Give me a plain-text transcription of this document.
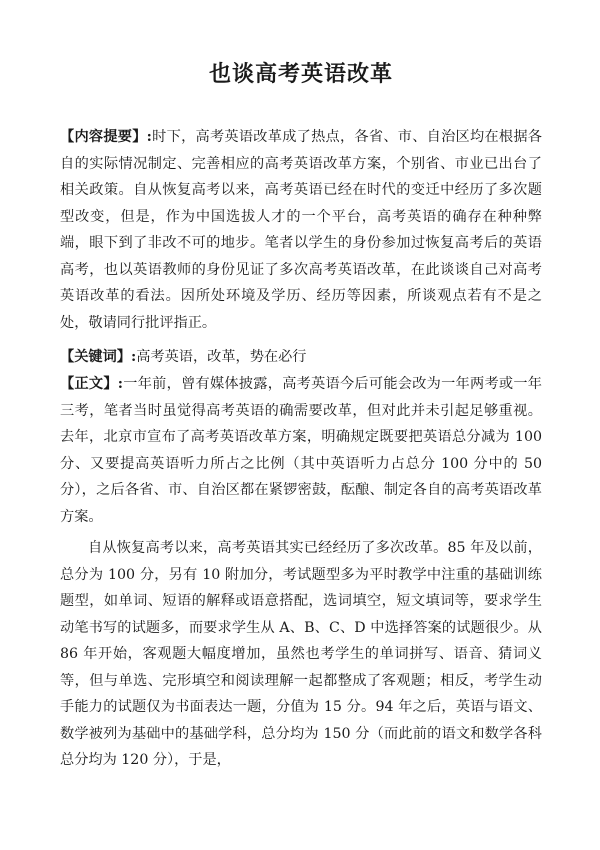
也谈高考英语改革

【内容提要】:时下，高考英语改革成了热点，各省、市、自治区均在根据各自的实际情况制定、完善相应的高考英语改革方案，个别省、市业已出台了相关政策。自从恢复高考以来，高考英语已经在时代的变迁中经历了多次题型改变，但是，作为中国选拔人才的一个平台，高考英语的确存在种种弊端，眼下到了非改不可的地步。笔者以学生的身份参加过恢复高考后的英语高考，也以英语教师的身份见证了多次高考英语改革，在此谈谈自己对高考英语改革的看法。因所处环境及学历、经历等因素，所谈观点若有不是之处，敬请同行批评指正。

【关键词】:高考英语，改革，势在必行

【正文】:一年前，曾有媒体披露，高考英语今后可能会改为一年两考或一年三考，笔者当时虽觉得高考英语的确需要改革，但对此并未引起足够重视。去年，北京市宣布了高考英语改革方案，明确规定既要把英语总分减为 100 分、又要提高英语听力所占之比例（其中英语听力占总分 100 分中的 50 分），之后各省、市、自治区都在紧锣密鼓，酝酿、制定各自的高考英语改革方案。

自从恢复高考以来，高考英语其实已经经历了多次改革。85 年及以前，总分为 100 分，另有 10 附加分，考试题型多为平时教学中注重的基础训练题型，如单词、短语的解释或语意搭配，选词填空，短文填词等，要求学生动笔书写的试题多，而要求学生从 A、B、C、D 中选择答案的试题很少。从 86 年开始，客观题大幅度增加，虽然也考学生的单词拼写、语音、猜词义等，但与单选、完形填空和阅读理解一起都整成了客观题；相反，考学生动手能力的试题仅为书面表达一题，分值为 15 分。94 年之后，英语与语文、数学被列为基础中的基础学科，总分均为 150 分（而此前的语文和数学各科总分均为 120 分），于是，
